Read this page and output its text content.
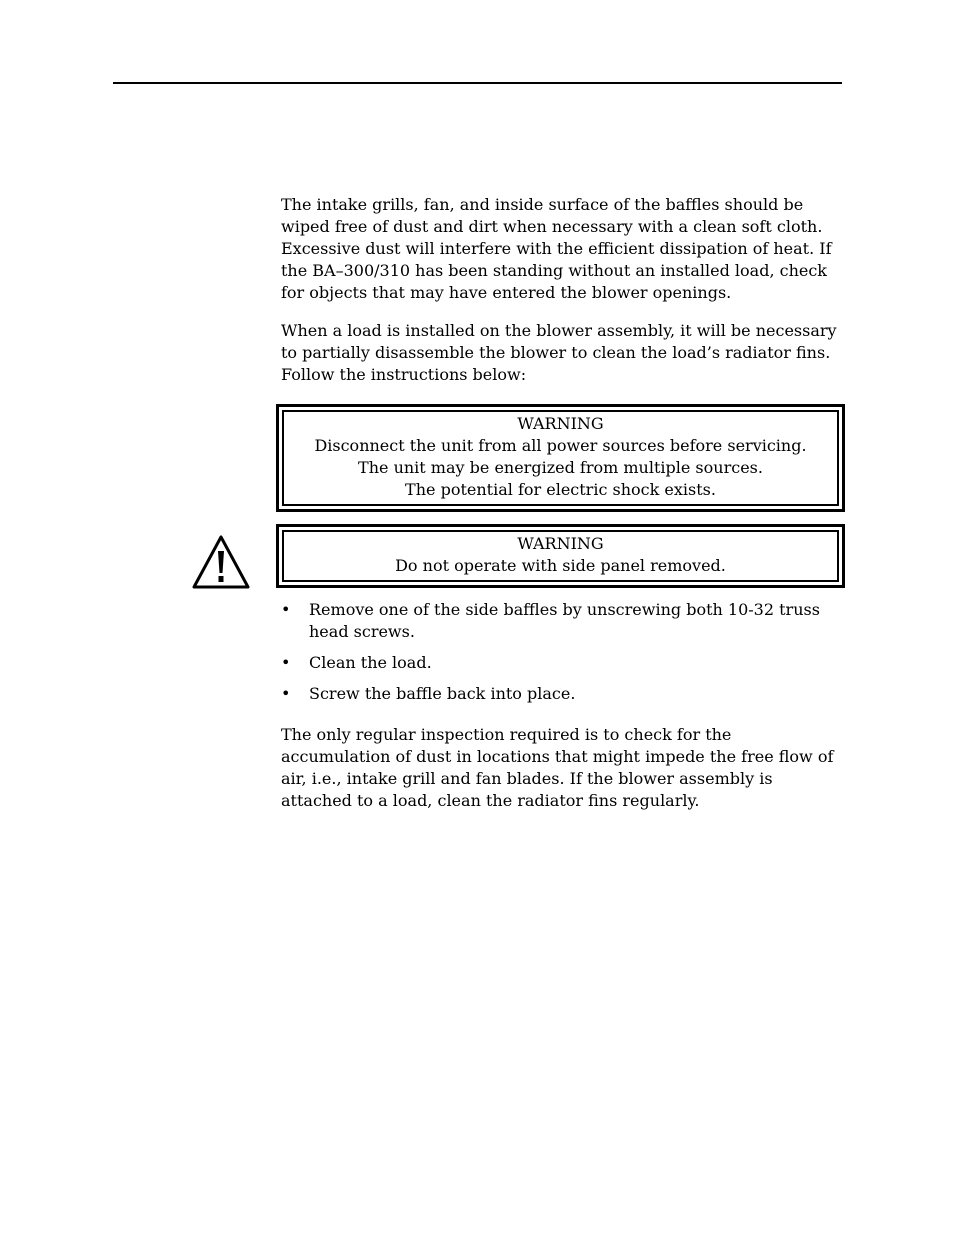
The intake grills, fan, and inside surface of the baffles should be wiped free of dust and dirt when necessary with a clean soft cloth. Excessive dust will interfere with the efficient dissipation of heat. If the BA–300/310 has been standing without an installed load, check for objects that may have entered the blower openings.

When a load is installed on the blower assembly, it will be necessary to partially disassemble the blower to clean the load’s radiator fins. Follow the instructions below:

WARNING
Disconnect the unit from all power sources before servicing.
The unit may be energized from multiple sources.
The potential for electric shock exists.
WARNING
Do not operate with side panel removed.
• Remove one of the side baffles by unscrewing both 10-32 truss head screws.
• Clean the load.
• Screw the baffle back into place.

The only regular inspection required is to check for the accumulation of dust in locations that might impede the free flow of air, i.e., intake grill and fan blades. If the blower assembly is attached to a load, clean the radiator fins regularly.
